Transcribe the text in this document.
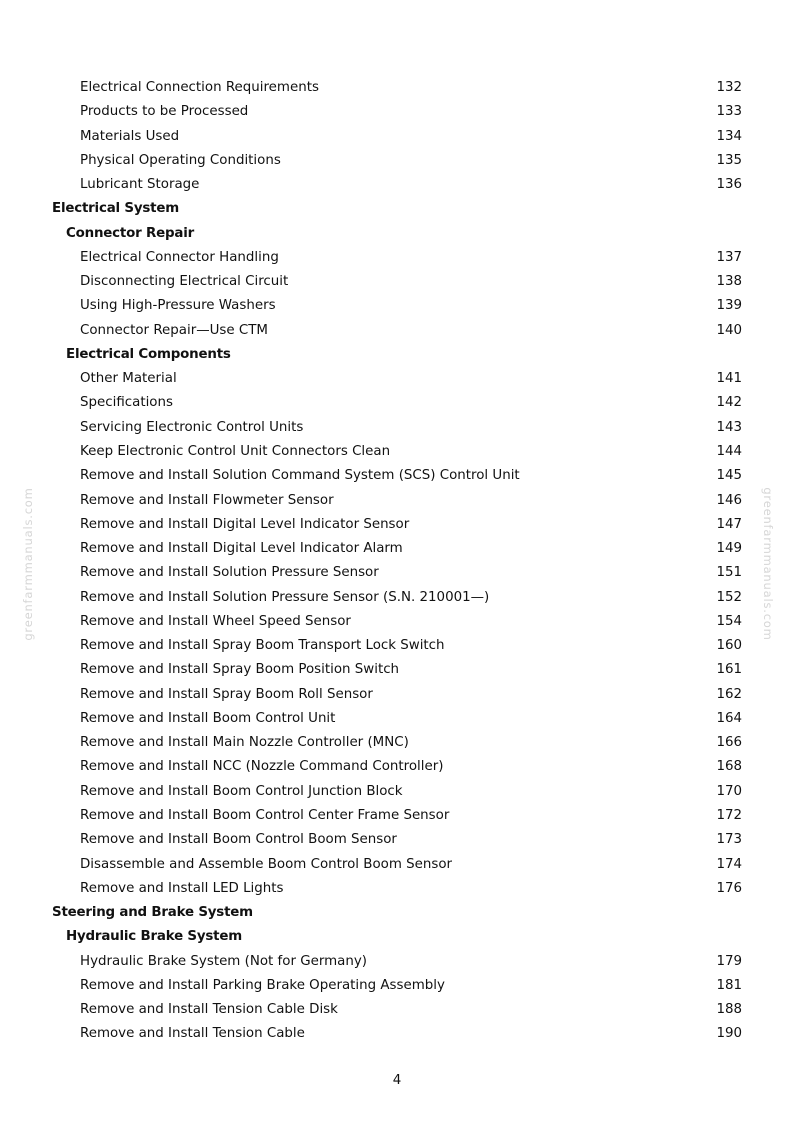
Electrical Connection Requirements	132
Products to be Processed	133
Materials Used	134
Physical Operating Conditions	135
Lubricant Storage	136
Electrical System
Connector Repair
Electrical Connector Handling	137
Disconnecting Electrical Circuit	138
Using High-Pressure Washers	139
Connector Repair—Use CTM	140
Electrical Components
Other Material	141
Specifications	142
Servicing Electronic Control Units	143
Keep Electronic Control Unit Connectors Clean	144
Remove and Install Solution Command System (SCS) Control Unit	145
Remove and Install Flowmeter Sensor	146
Remove and Install Digital Level Indicator Sensor	147
Remove and Install Digital Level Indicator Alarm	149
Remove and Install Solution Pressure Sensor	151
Remove and Install Solution Pressure Sensor (S.N. 210001—)	152
Remove and Install Wheel Speed Sensor	154
Remove and Install Spray Boom Transport Lock Switch	160
Remove and Install Spray Boom Position Switch	161
Remove and Install Spray Boom Roll Sensor	162
Remove and Install Boom Control Unit	164
Remove and Install Main Nozzle Controller (MNC)	166
Remove and Install NCC (Nozzle Command Controller)	168
Remove and Install Boom Control Junction Block	170
Remove and Install Boom Control Center Frame Sensor	172
Remove and Install Boom Control Boom Sensor	173
Disassemble and Assemble Boom Control Boom Sensor	174
Remove and Install LED Lights	176
Steering and Brake System
Hydraulic Brake System
Hydraulic Brake System (Not for Germany)	179
Remove and Install Parking Brake Operating Assembly	181
Remove and Install Tension Cable Disk	188
Remove and Install Tension Cable	190
4
greenfarmmanuals.com	greenfarmmanuals.com
